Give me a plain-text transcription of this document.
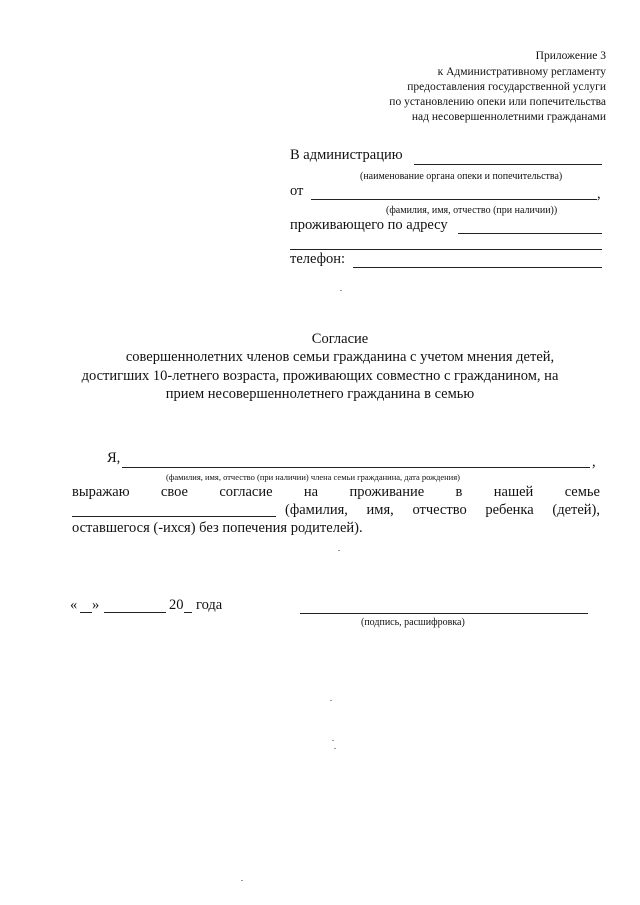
Приложение 3
к Административному регламенту
предоставления государственной услуги
по установлению опеки или попечительства
над несовершеннолетними гражданами
В администрацию
(наименование органа опеки и попечительства)
от	,
(фамилия, имя, отчество (при наличии))
проживающего по адресу
телефон:
Согласие
совершеннолетних членов семьи гражданина с учетом мнения детей,
достигших 10-летнего возраста, проживающих совместно с гражданином, на
прием несовершеннолетнего гражданина в семью
Я,	,
(фамилия, имя, отчество (при наличии) члена семьи гражданина, дата рождения)
выражаю свое согласие на проживание в нашей семье
(фамилия, имя, отчество ребенка (детей),
оставшегося (-ихся) без попечения родителей).
« »	20 года
(подпись, расшифровка)
